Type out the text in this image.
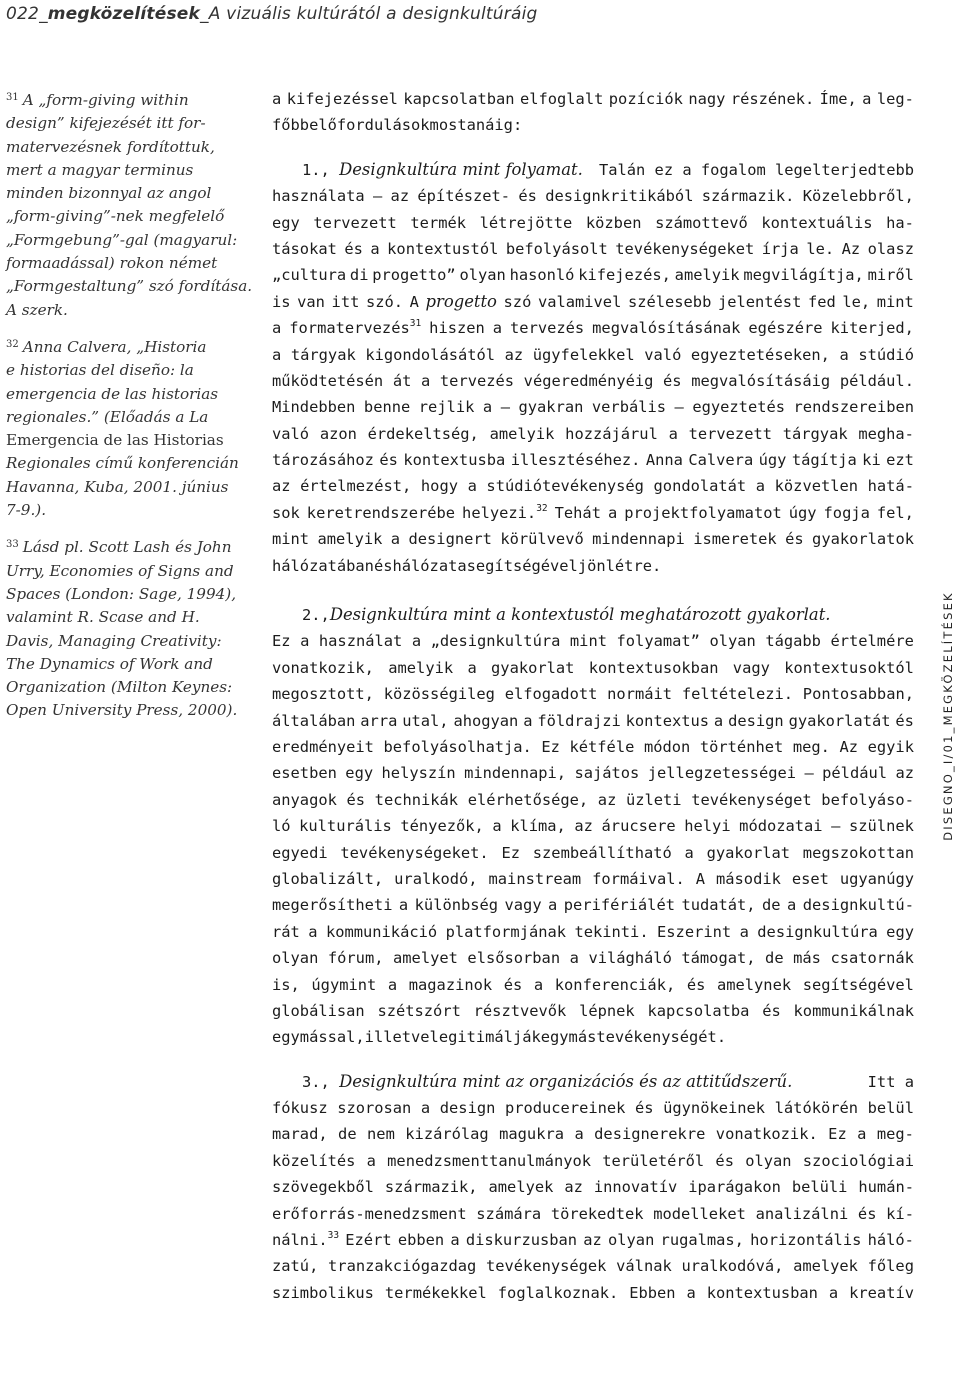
022_megközelítések_A vizuális kultúrától a designkultúráig
$^{31}$ A „form-giving within
design” kifejezését itt for-
matervezésnek fordítottuk,
mert a magyar terminus
minden bizonnyal az angol
„form-giving”-nek megfelelő
„Formgebung”-gal (magyarul:
formaadással) rokon német
„Formgestaltung” szó fordítása.
A szerk.
$^{32}$ Anna Calvera, „Historia
e historias del diseño: la
emergencia de las historias
regionales.” (Előadás a La
Emergencia de las Historias
Regionales című konferencián
Havanna, Kuba, 2001. június
7-9.).
$^{33}$ Lásd pl. Scott Lash és John
Urry, Economies of Signs and
Spaces (London: Sage, 1994),
valamint R. Scase and H.
Davis, Managing Creativity:
The Dynamics of Work and
Organization (Milton Keynes:
Open University Press, 2000).
a kifejezéssel kapcsolatban elfoglalt pozíciók nagy részének. Íme, a leg-
főbb előfordulások mostanáig:
1., Designkultúra mint folyamat. Talán ez a fogalom legelterjedtebb
használata — az építészet- és designkritikából származik. Közelebbről,
egy tervezett termék létrejötte közben számottevő kontextuális ha-
tásokat és a kontextustól befolyásolt tevékenységeket írja le. Az olasz
„cultura di progetto” olyan hasonló kifejezés, amelyik megvilágítja, miről
is van itt szó. A progetto szó valamivel szélesebb jelentést fed le, mint
a formatervezés$^{31}$ hiszen a tervezés megvalósításának egészére kiterjed,
a tárgyak kigondolásától az ügyfelekkel való egyeztetéseken, a stúdió
működtetésén át a tervezés végeredményéig és megvalósításáig például.
Mindebben benne rejlik a — gyakran verbális — egyeztetés rendszereiben
való azon érdekeltség, amelyik hozzájárul a tervezett tárgyak megha-
tározásához és kontextusba illesztéséhez. Anna Calvera úgy tágítja ki ezt
az értelmezést, hogy a stúdiótevékenység gondolatát a közvetlen hatá-
sok keretrendszerébe helyezi.$^{32}$ Tehát a projektfolyamatot úgy fogja fel,
mint amelyik a designert körülvevő mindennapi ismeretek és gyakorlatok
hálózatában és hálózata segítségével jön létre.
2., Designkultúra mint a kontextustól meghatározott gyakorlat.
Ez a használat a „designkultúra mint folyamat” olyan tágabb értelmére
vonatkozik, amelyik a gyakorlat kontextusokban vagy kontextusoktól
megosztott, közösségileg elfogadott normáit feltételezi. Pontosabban,
általában arra utal, ahogyan a földrajzi kontextus a design gyakorlatát és
eredményeit befolyásolhatja. Ez kétféle módon történhet meg. Az egyik
esetben egy helyszín mindennapi, sajátos jellegzetességei — például az
anyagok és technikák elérhetősége, az üzleti tevékenységet befolyáso-
ló kulturális tényezők, a klíma, az árucsere helyi módozatai — szülnek
egyedi tevékenységeket. Ez szembeállítható a gyakorlat megszokottan
globalizált, uralkodó, mainstream formáival. A második eset ugyanúgy
megerősítheti a különbség vagy a perifériálét tudatát, de a designkultú-
rát a kommunikáció platformjának tekinti. Eszerint a designkultúra egy
olyan fórum, amelyet elsősorban a világháló támogat, de más csatornák
is, úgymint a magazinok és a konferenciák, és amelynek segítségével
globálisan szétszórt résztvevők lépnek kapcsolatba és kommunikálnak
egymással, illetve legitimálják egymás tevékenységét.
3., Designkultúra mint az organizációs és az attitűdszerű.	Itt a
fókusz szorosan a design producereinek és ügynökeinek látókörén belül
marad, de nem kizárólag magukra a designerekre vonatkozik. Ez a meg-
közelítés a menedzsmenttanulmányok területéről és olyan szociológiai
szövegekből származik, amelyek az innovatív iparágakon belüli humán-
erőforrás-menedzsment számára törekedtek modelleket analizálni és kí-
nálni.$^{33}$ Ezért ebben a diskurzusban az olyan rugalmas, horizontális háló-
zatú, tranzakciógazdag tevékenységek válnak uralkodóvá, amelyek főleg
szimbolikus termékekkel foglalkoznak. Ebben a kontextusban a kreatív
DISEGNO_I/01_MEGKÖZELÍTÉSEK
